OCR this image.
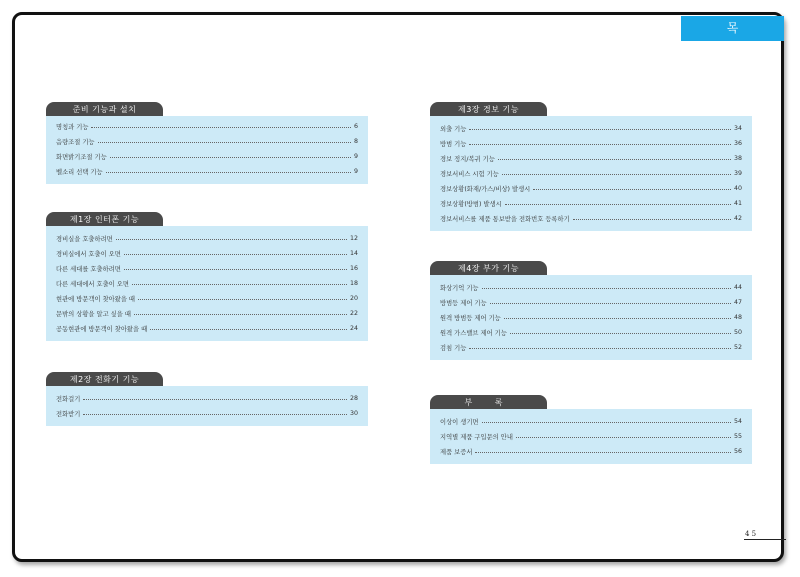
목 차
준비 기능과 설치
명칭과 기능	6
음량조절 기능	8
화면밝기조절 기능	9
벨소리 선택 기능	9
제1장 인터폰 기능
경비실을 호출하려면	12
경비실에서 호출이 오면	14
다른 세대를 호출하려면	16
다른 세대에서 호출이 오면	18
현관에 방문객이 찾아왔을 때	20
문밖의 상황을 알고 싶을 때	22
공동현관에 방문객이 찾아왔을 때	24
제2장 전화기 기능
전화걸기	28
전화받기	30
제3장 경보 기능
외출 기능	34
방범 기능	36
경보 정지/복귀 기능	38
경보서비스 시험 기능	39
경보상황(화재/가스/비상) 발생시	40
경보상황(방범) 발생시	41
경보서비스를 제품 통보받을 전화번호 등록하기	42
제4장 부가 기능
화상기억 기능	44
방범등 제어 기능	47
원격 방범등 제어 기능	48
원격 가스밸브 제어 기능	50
검침 기능	52
부 록
이상이 생기면	54
지역별 제품 구입문의 안내	55
제품 보증서	56
4 5
